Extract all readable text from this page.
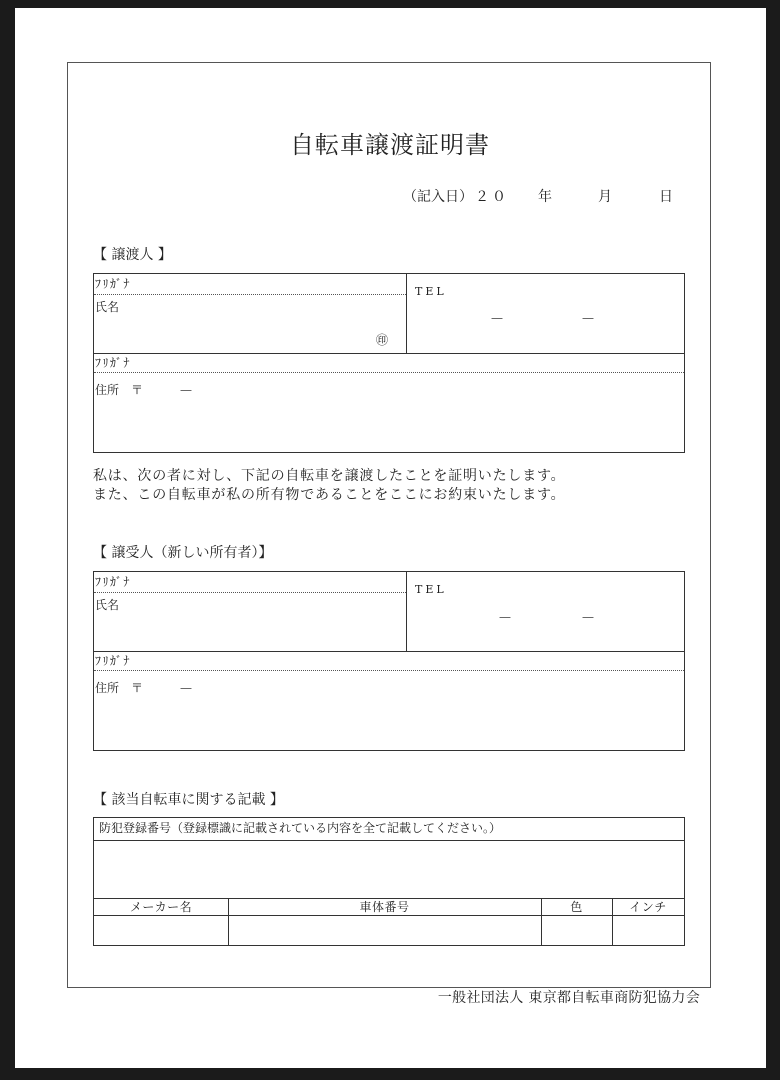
自転車譲渡証明書
（記入日） ２０ 年	月	日
【 譲渡人 】
ﾌﾘｶﾞﾅ
氏名
㊞
TEL
—	—
ﾌﾘｶﾞﾅ
住所 〒	—
私は、次の者に対し、下記の自転車を譲渡したことを証明いたします。
また、この自転車が私の所有物であることをここにお約束いたします。
【 譲受人（新しい所有者）】
ﾌﾘｶﾞﾅ
氏名
TEL
—	—
ﾌﾘｶﾞﾅ
住所 〒	—
【 該当自転車に関する記載 】
防犯登録番号（登録標識に記載されている内容を全て記載してください。）
メーカー名	車体番号	色	インチ
一般社団法人 東京都自転車商防犯協力会
